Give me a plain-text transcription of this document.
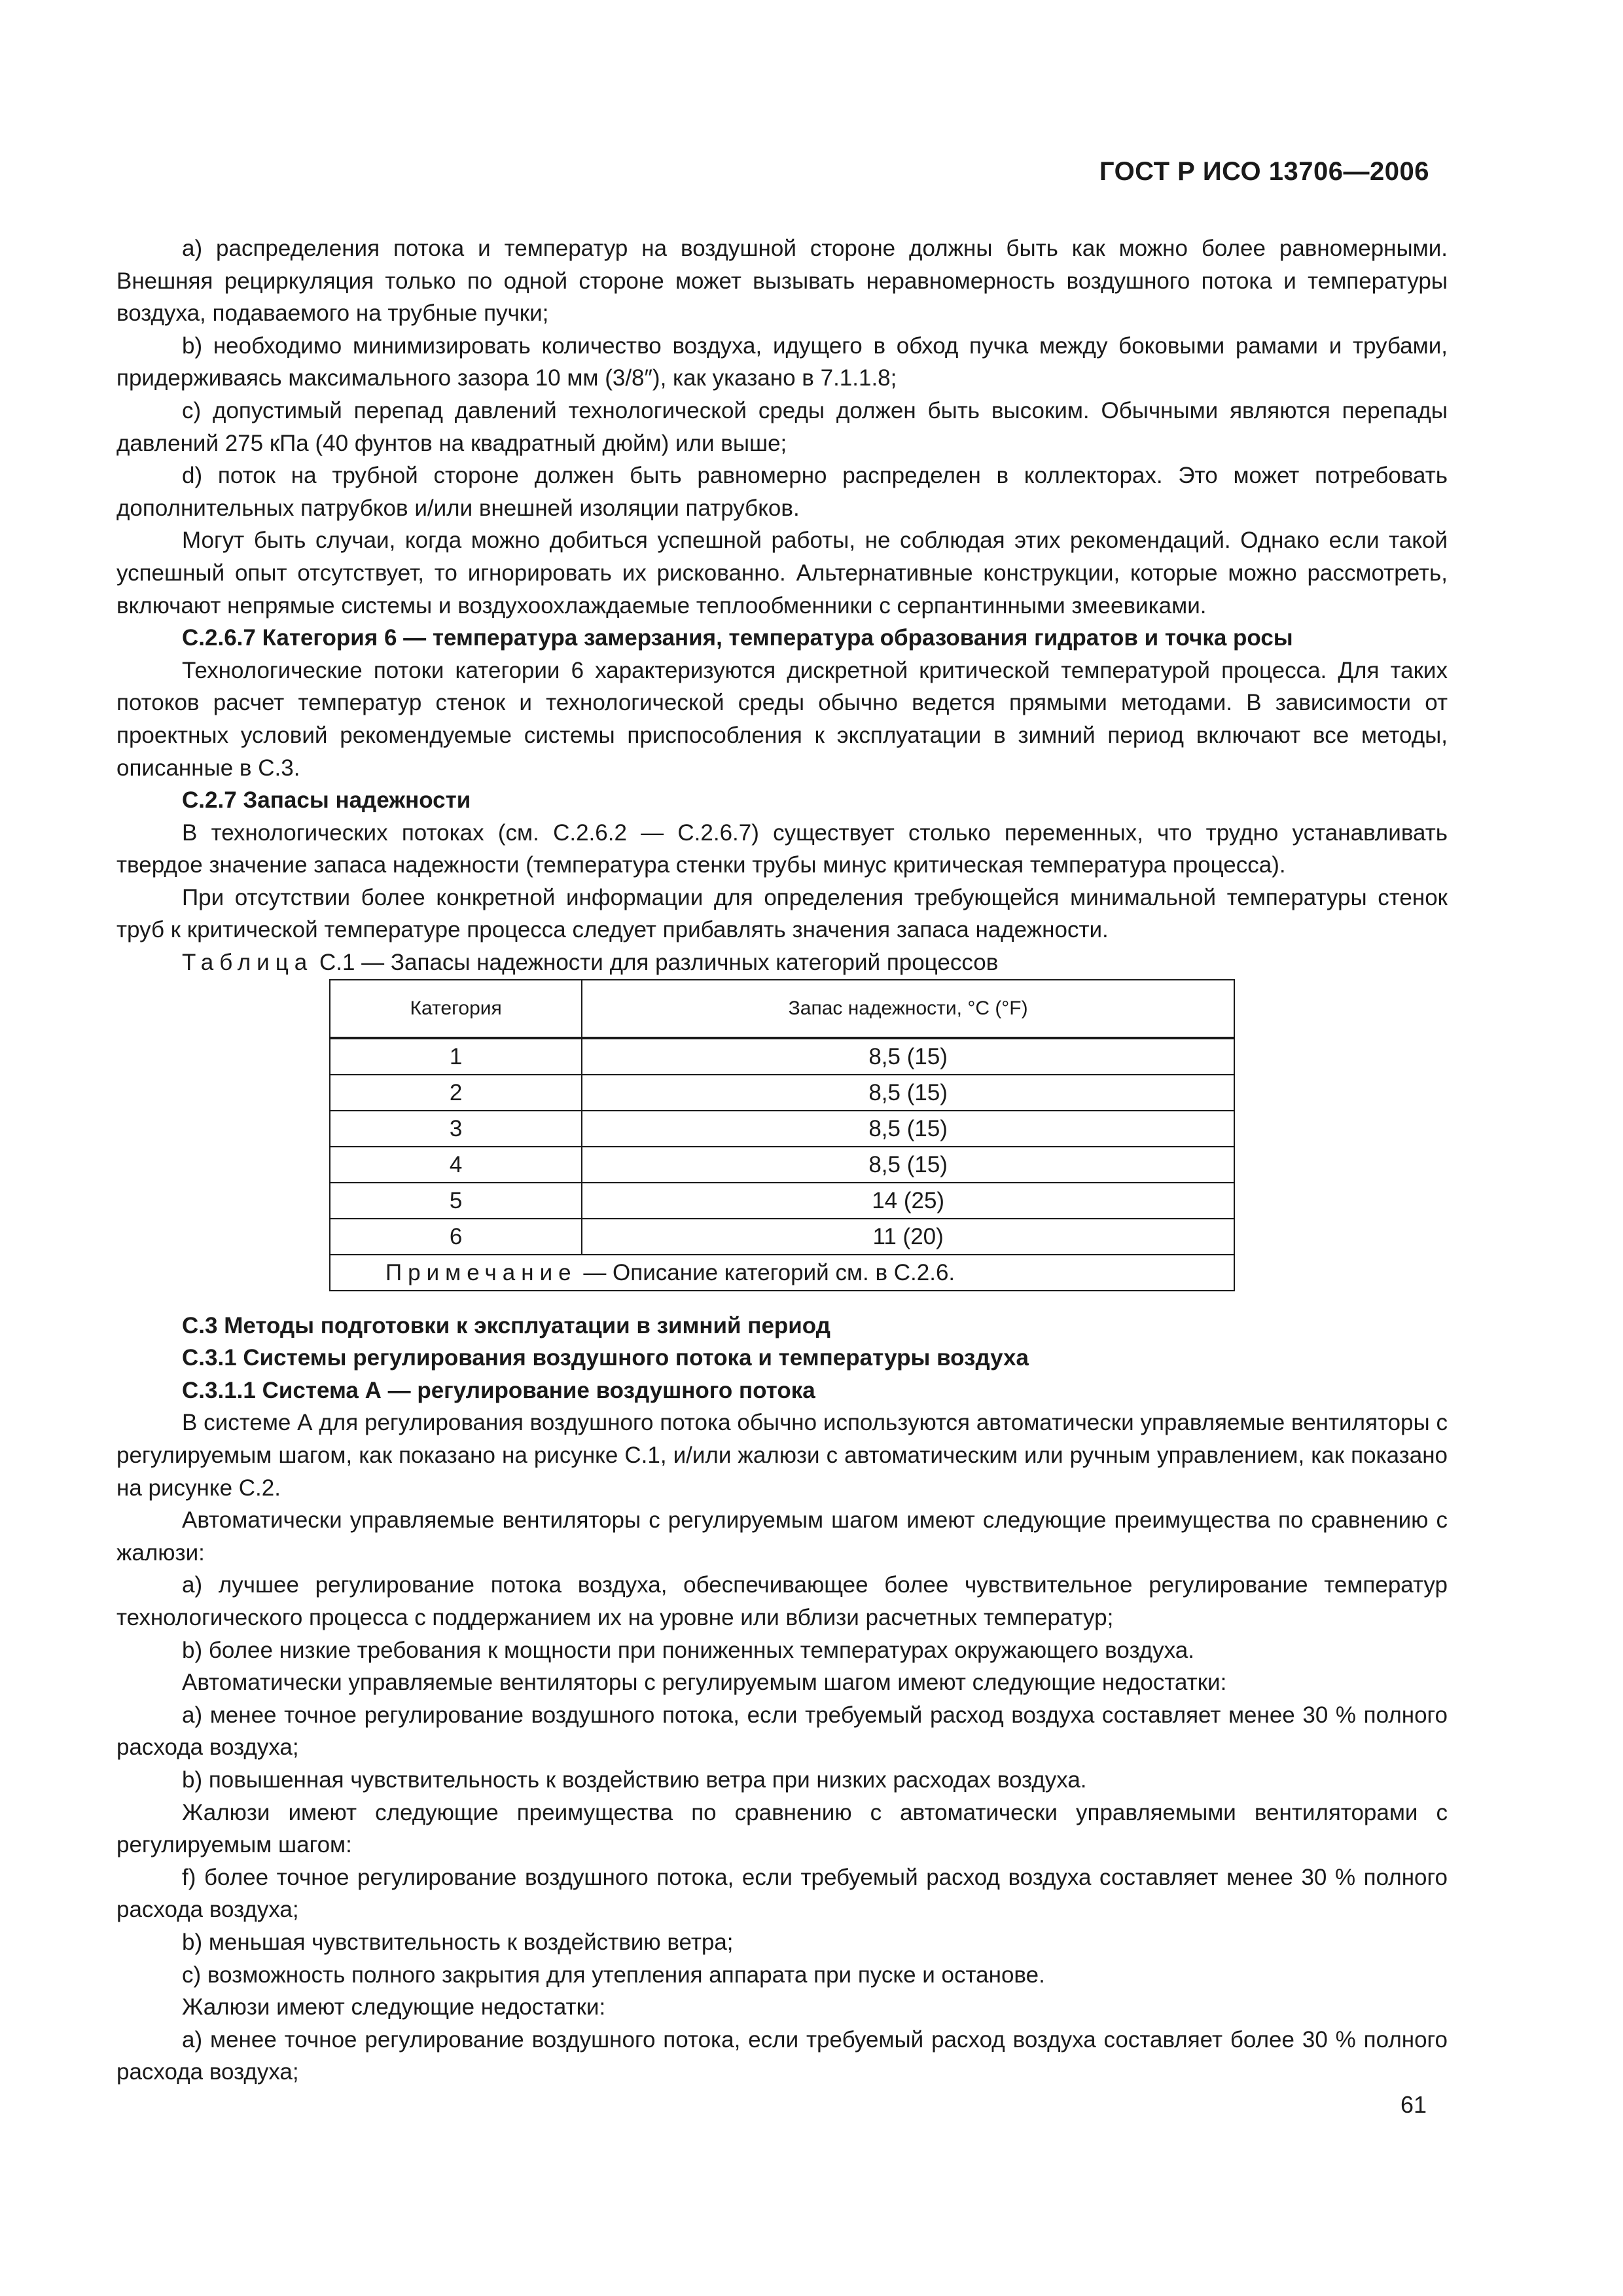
ГОСТ Р ИСО 13706—2006

а) распределения потока и температур на воздушной стороне должны быть как можно более равномерными. Внешняя рециркуляция только по одной стороне может вызывать неравномерность воздушного потока и температуры воздуха, подаваемого на трубные пучки;

b) необходимо минимизировать количество воздуха, идущего в обход пучка между боковыми рамами и трубами, придерживаясь максимального зазора 10 мм (3/8″), как указано в 7.1.1.8;

с) допустимый перепад давлений технологической среды должен быть высоким. Обычными являются перепады давлений 275 кПа (40 фунтов на квадратный дюйм) или выше;

d) поток на трубной стороне должен быть равномерно распределен в коллекторах. Это может потребовать дополнительных патрубков и/или внешней изоляции патрубков.

Могут быть случаи, когда можно добиться успешной работы, не соблюдая этих рекомендаций. Однако если такой успешный опыт отсутствует, то игнорировать их рискованно. Альтернативные конструкции, которые можно рассмотреть, включают непрямые системы и воздухоохлаждаемые теплообменники с серпантинными змеевиками.

С.2.6.7 Категория 6 — температура замерзания, температура образования гидратов и точка росы

Технологические потоки категории 6 характеризуются дискретной критической температурой процесса. Для таких потоков расчет температур стенок и технологической среды обычно ведется прямыми методами. В зависимости от проектных условий рекомендуемые системы приспособления к эксплуатации в зимний период включают все методы, описанные в С.3.

С.2.7 Запасы надежности

В технологических потоках (см. С.2.6.2 — С.2.6.7) существует столько переменных, что трудно устанавливать твердое значение запаса надежности (температура стенки трубы минус критическая температура процесса).

При отсутствии более конкретной информации для определения требующейся минимальной температуры стенок труб к критической температуре процесса следует прибавлять значения запаса надежности.

Таблица С.1 — Запасы надежности для различных категорий процессов

Категория	Запас надежности, °С (°F)
1	8,5 (15)
2	8,5 (15)
3	8,5 (15)
4	8,5 (15)
5	14 (25)
6	11 (20)
Примечание — Описание категорий см. в С.2.6.	

С.3 Методы подготовки к эксплуатации в зимний период

С.3.1 Системы регулирования воздушного потока и температуры воздуха

С.3.1.1 Система А — регулирование воздушного потока

В системе А для регулирования воздушного потока обычно используются автоматически управляемые вентиляторы с регулируемым шагом, как показано на рисунке С.1, и/или жалюзи с автоматическим или ручным управлением, как показано на рисунке С.2.

Автоматически управляемые вентиляторы с регулируемым шагом имеют следующие преимущества по сравнению с жалюзи:

а) лучшее регулирование потока воздуха, обеспечивающее более чувствительное регулирование температур технологического процесса с поддержанием их на уровне или вблизи расчетных температур;

b) более низкие требования к мощности при пониженных температурах окружающего воздуха.

Автоматически управляемые вентиляторы с регулируемым шагом имеют следующие недостатки:

а) менее точное регулирование воздушного потока, если требуемый расход воздуха составляет менее 30 % полного расхода воздуха;

b) повышенная чувствительность к воздействию ветра при низких расходах воздуха.

Жалюзи имеют следующие преимущества по сравнению с автоматически управляемыми вентиляторами с регулируемым шагом:

f) более точное регулирование воздушного потока, если требуемый расход воздуха составляет менее 30 % полного расхода воздуха;

b) меньшая чувствительность к воздействию ветра;

с) возможность полного закрытия для утепления аппарата при пуске и останове.

Жалюзи имеют следующие недостатки:

а) менее точное регулирование воздушного потока, если требуемый расход воздуха составляет более 30 % полного расхода воздуха;

61
